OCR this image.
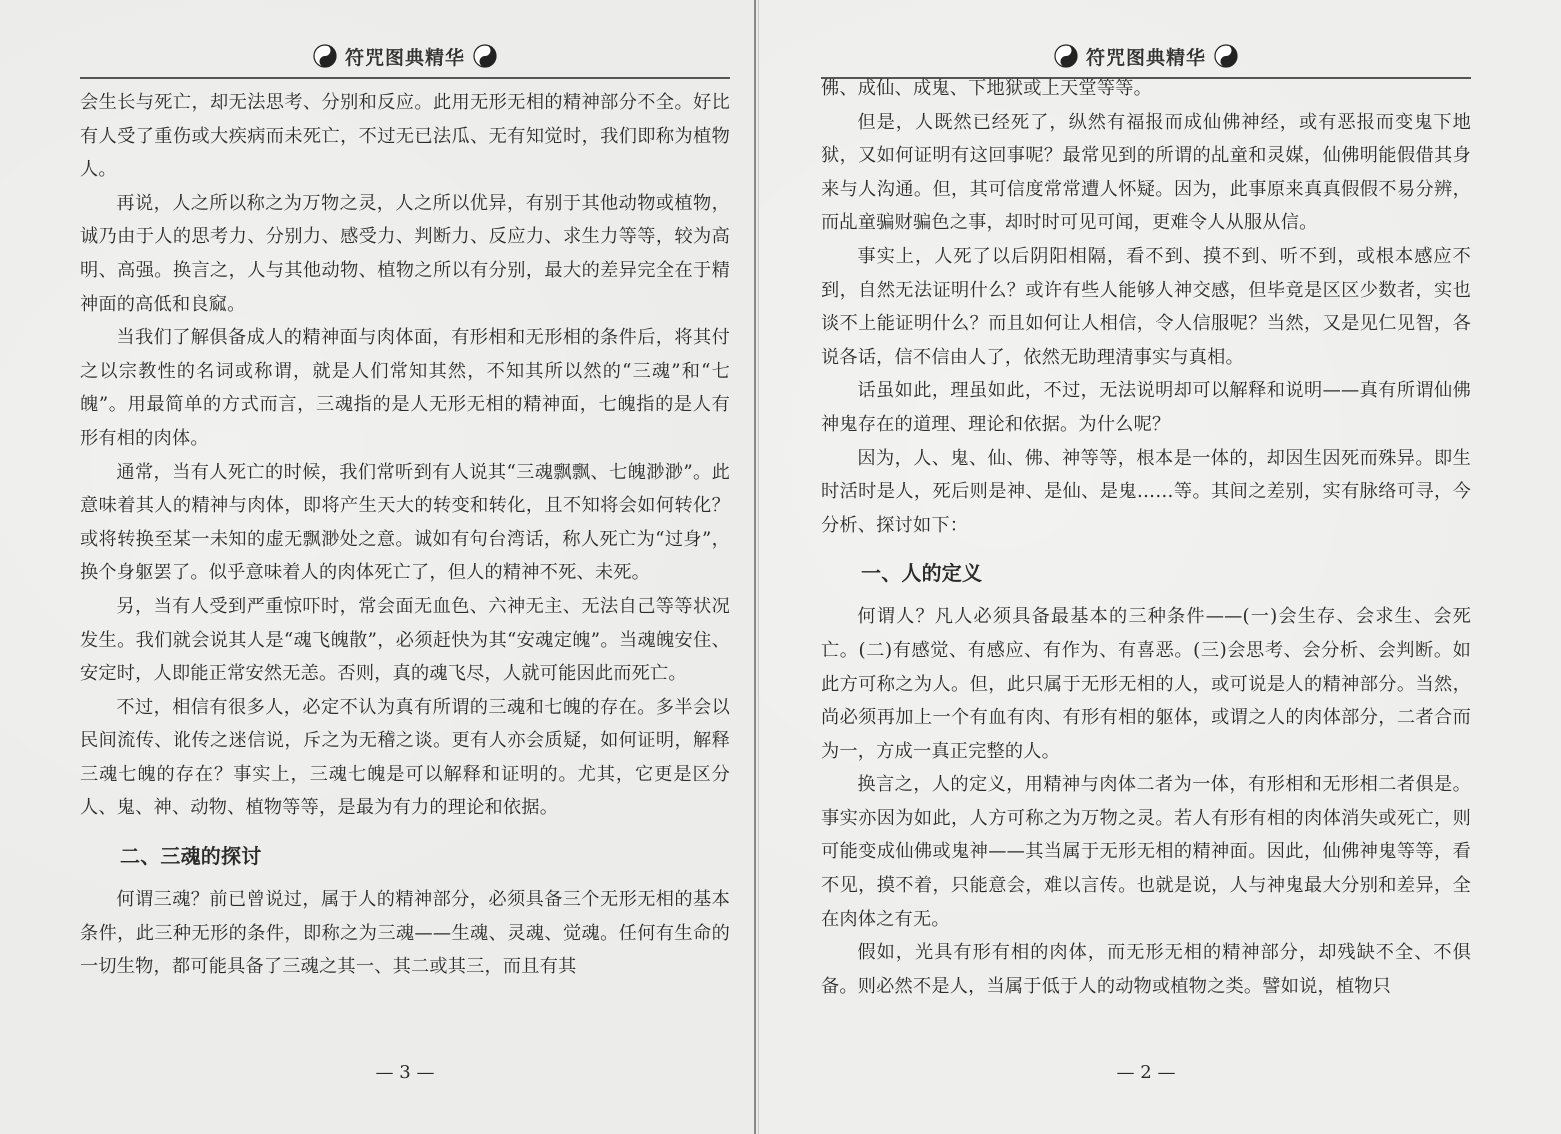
符咒图典精华

会生长与死亡，却无法思考、分别和反应。此用无形无相的精神部分不全。好比有人受了重伤或大疾病而未死亡，不过无已法瓜、无有知觉时，我们即称为植物人。

再说，人之所以称之为万物之灵，人之所以优异，有别于其他动物或植物，诚乃由于人的思考力、分别力、感受力、判断力、反应力、求生力等等，较为高明、高强。换言之，人与其他动物、植物之所以有分别，最大的差异完全在于精神面的高低和良窳。

当我们了解俱备成人的精神面与肉体面，有形相和无形相的条件后，将其付之以宗教性的名词或称谓，就是人们常知其然，不知其所以然的“三魂”和“七魄”。用最简单的方式而言，三魂指的是人无形无相的精神面，七魄指的是人有形有相的肉体。

通常，当有人死亡的时候，我们常听到有人说其“三魂飘飘、七魄渺渺”。此意味着其人的精神与肉体，即将产生天大的转变和转化，且不知将会如何转化？或将转换至某一未知的虚无飘渺处之意。诚如有句台湾话，称人死亡为“过身”，换个身躯罢了。似乎意味着人的肉体死亡了，但人的精神不死、未死。

另，当有人受到严重惊吓时，常会面无血色、六神无主、无法自己等等状况发生。我们就会说其人是“魂飞魄散”，必须赶快为其“安魂定魄”。当魂魄安住、安定时，人即能正常安然无恙。否则，真的魂飞尽，人就可能因此而死亡。

不过，相信有很多人，必定不认为真有所谓的三魂和七魄的存在。多半会以民间流传、讹传之迷信说，斥之为无稽之谈。更有人亦会质疑，如何证明，解释三魂七魄的存在？事实上，三魂七魄是可以解释和证明的。尤其，它更是区分人、鬼、神、动物、植物等等，是最为有力的理论和依据。

二、三魂的探讨

何谓三魂？前已曾说过，属于人的精神部分，必须具备三个无形无相的基本条件，此三种无形的条件，即称之为三魂——生魂、灵魂、觉魂。任何有生命的一切生物，都可能具备了三魂之其一、其二或其三，而且有其

— 3 —
符咒图典精华

佛、成仙、成鬼、下地狱或上天堂等等。

但是，人既然已经死了，纵然有福报而成仙佛神经，或有恶报而变鬼下地狱，又如何证明有这回事呢？最常见到的所谓的乩童和灵媒，仙佛明能假借其身来与人沟通。但，其可信度常常遭人怀疑。因为，此事原来真真假假不易分辨，而乩童骗财骗色之事，却时时可见可闻，更难令人从服从信。

事实上，人死了以后阴阳相隔，看不到、摸不到、听不到，或根本感应不到，自然无法证明什么？或许有些人能够人神交感，但毕竟是区区少数者，实也谈不上能证明什么？而且如何让人相信，令人信服呢？当然，又是见仁见智，各说各话，信不信由人了，依然无助理清事实与真相。

话虽如此，理虽如此，不过，无法说明却可以解释和说明——真有所谓仙佛神鬼存在的道理、理论和依据。为什么呢？

因为，人、鬼、仙、佛、神等等，根本是一体的，却因生因死而殊异。即生时活时是人，死后则是神、是仙、是鬼……等。其间之差别，实有脉络可寻，今分析、探讨如下：

一、人的定义

何谓人？凡人必须具备最基本的三种条件——(一)会生存、会求生、会死亡。(二)有感觉、有感应、有作为、有喜恶。(三)会思考、会分析、会判断。如此方可称之为人。但，此只属于无形无相的人，或可说是人的精神部分。当然，尚必须再加上一个有血有肉、有形有相的躯体，或谓之人的肉体部分，二者合而为一，方成一真正完整的人。

换言之，人的定义，用精神与肉体二者为一体，有形相和无形相二者俱是。事实亦因为如此，人方可称之为万物之灵。若人有形有相的肉体消失或死亡，则可能变成仙佛或鬼神——其当属于无形无相的精神面。因此，仙佛神鬼等等，看不见，摸不着，只能意会，难以言传。也就是说，人与神鬼最大分别和差异，全在肉体之有无。

假如，光具有形有相的肉体，而无形无相的精神部分，却残缺不全、不俱备。则必然不是人，当属于低于人的动物或植物之类。譬如说，植物只

— 2 —
